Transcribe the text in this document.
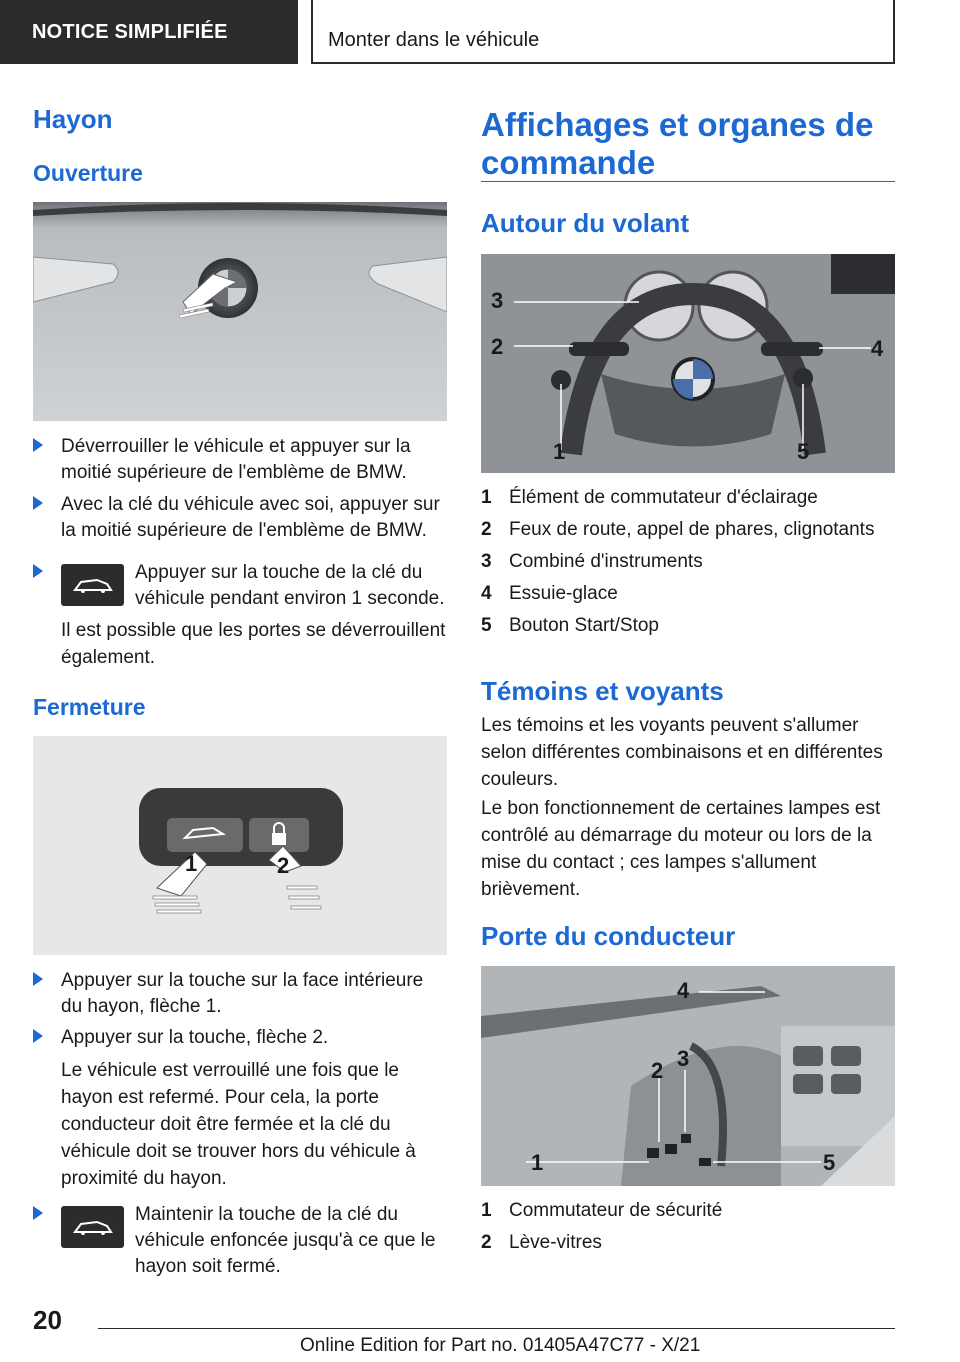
NOTICE SIMPLIFIÉE	Monter dans le véhicule
Hayon
Ouverture
Déverrouiller le véhicule et appuyer sur la moitié supérieure de l'emblème de BMW.
Avec la clé du véhicule avec soi, appuyer sur la moitié supérieure de l'emblème de BMW.
Appuyer sur la touche de la clé du véhicule pendant environ 1 seconde.
Il est possible que les portes se déverrouillent également.
Fermeture
1	2
Appuyer sur la touche sur la face intérieure du hayon, flèche 1.
Appuyer sur la touche, flèche 2.
Le véhicule est verrouillé une fois que le hayon est refermé. Pour cela, la porte conducteur doit être fermée et la clé du véhicule doit se trouver hors du véhicule à proximité du hayon.
Maintenir la touche de la clé du véhicule enfoncée jusqu'à ce que le hayon soit fermé.
Affichages et organes de commande
Autour du volant
3
2
1
4
5
1 Élément de commutateur d'éclairage
2 Feux de route, appel de phares, clignotants
3 Combiné d'instruments
4 Essuie-glace
5 Bouton Start/Stop
Témoins et voyants
Les témoins et les voyants peuvent s'allumer selon différentes combinaisons et en différentes couleurs.
Le bon fonctionnement de certaines lampes est contrôlé au démarrage du moteur ou lors de la mise du contact ; ces lampes s'allument brièvement.
Porte du conducteur
1
2 3
4
5
1 Commutateur de sécurité
2 Lève-vitres
20
Online Edition for Part no. 01405A47C77 - X/21
